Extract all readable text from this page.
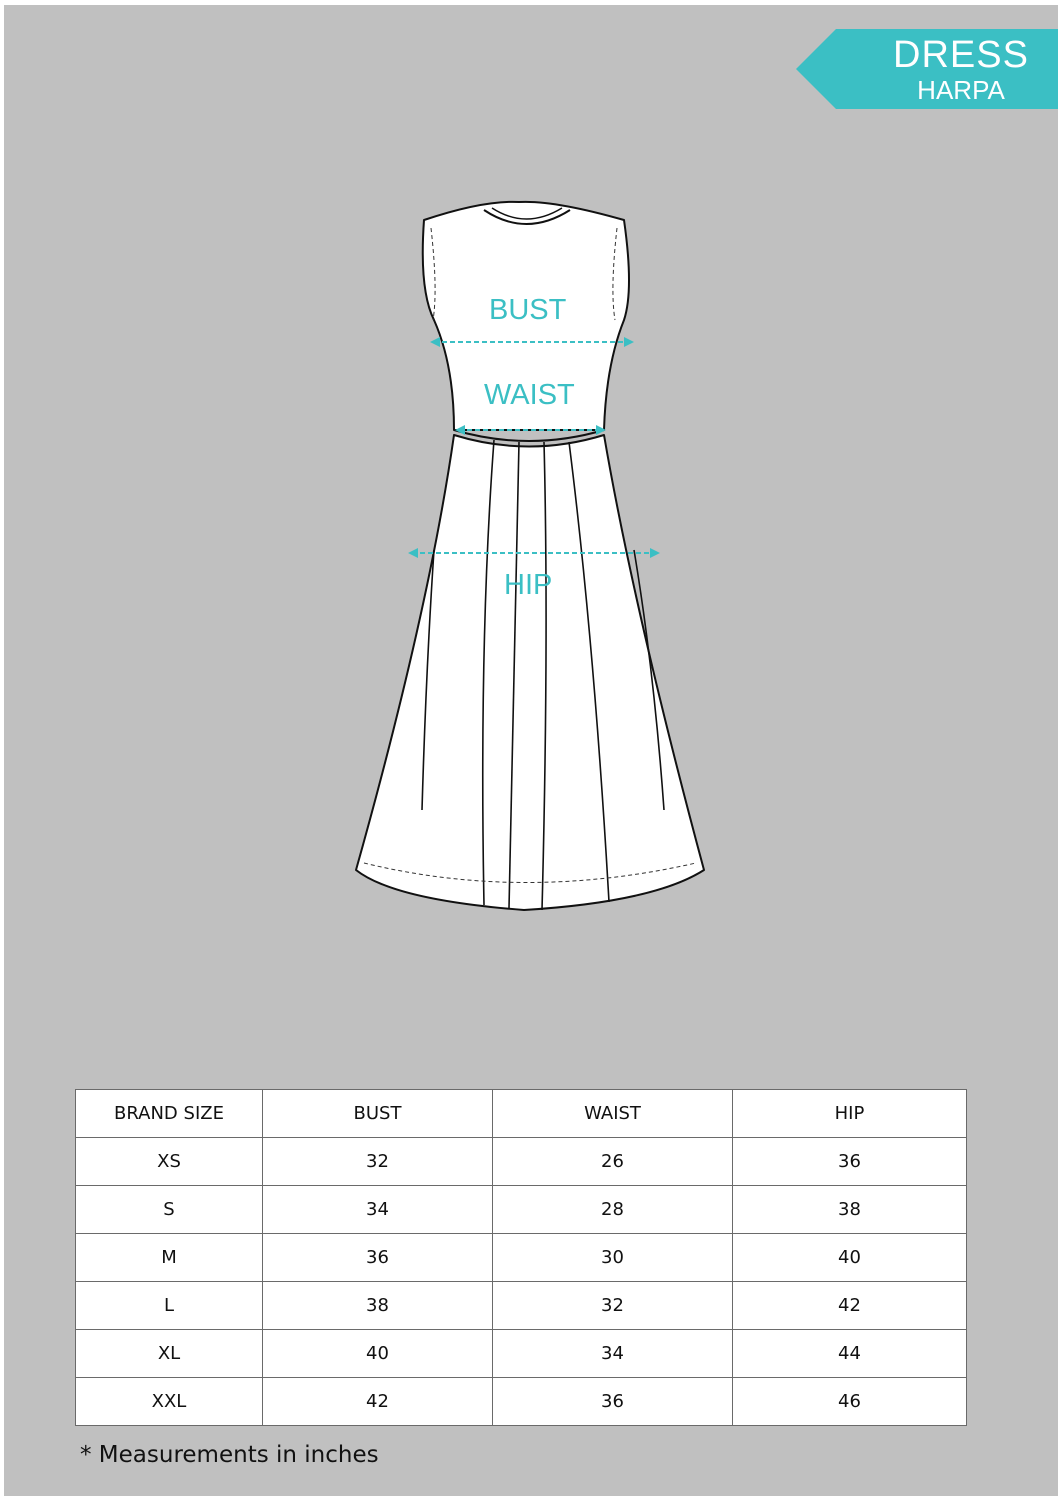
DRESS
HARPA
BUST
WAIST
HIP
* Measurements in inches
BRAND SIZE	BUST	WAIST	HIP
XS	32	26	36
S	34	28	38
M	36	30	40
L	38	32	42
XL	40	34	44
XXL	42	36	46
